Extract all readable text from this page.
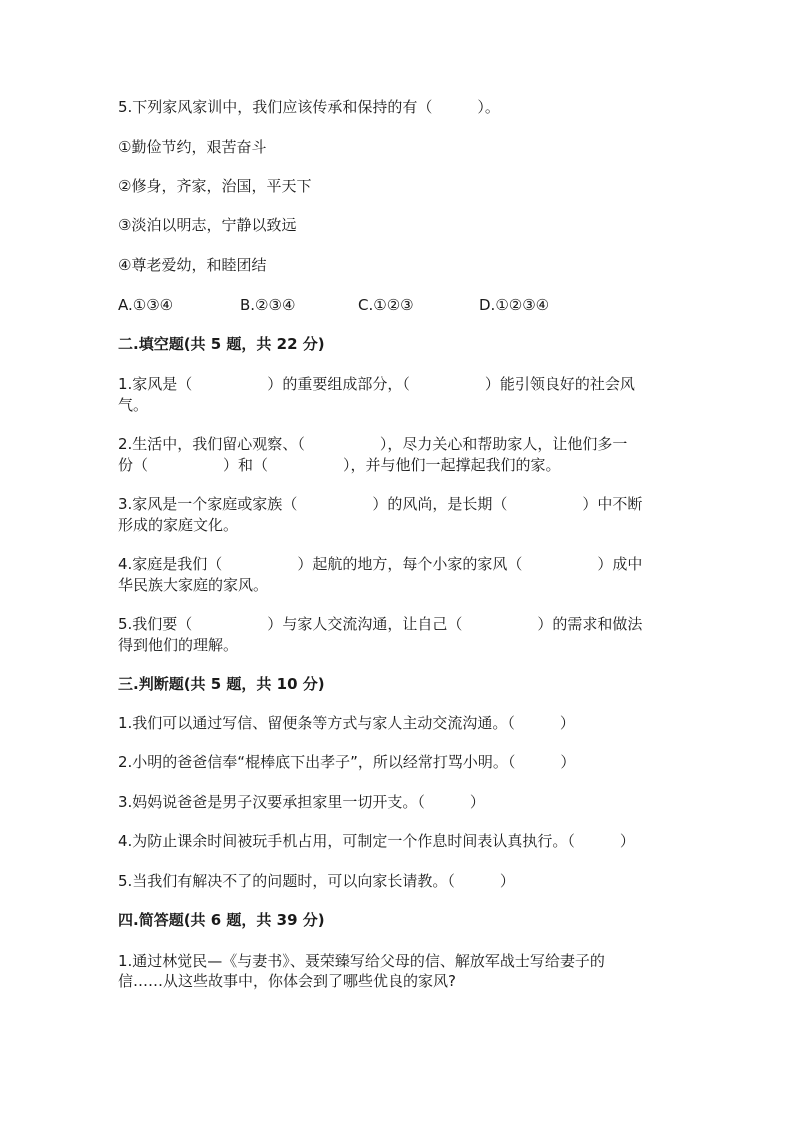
5.下列家风家训中，我们应该传承和保持的有（　　　）。
①勤俭节约，艰苦奋斗
②修身，齐家，治国，平天下
③淡泊以明志，宁静以致远
④尊老爱幼，和睦团结
A.①③④	B.②③④	C.①②③	D.①②③④
二.填空题(共 5 题，共 22 分)
1.家风是（　　　　　）的重要组成部分，（　　　　　）能引领良好的社会风
气。
2.生活中，我们留心观察、（　　　　　），尽力关心和帮助家人，让他们多一
份（　　　　　）和（　　　　　），并与他们一起撑起我们的家。
3.家风是一个家庭或家族（　　　　　）的风尚，是长期（　　　　　）中不断
形成的家庭文化。
4.家庭是我们（　　　　　）起航的地方，每个小家的家风（　　　　　）成中
华民族大家庭的家风。
5.我们要（　　　　　）与家人交流沟通，让自己（　　　　　）的需求和做法
得到他们的理解。
三.判断题(共 5 题，共 10 分)
1.我们可以通过写信、留便条等方式与家人主动交流沟通。（　　　）
2.小明的爸爸信奉“棍棒底下出孝子”，所以经常打骂小明。（　　　）
3.妈妈说爸爸是男子汉要承担家里一切开支。（　　　）
4.为防止课余时间被玩手机占用，可制定一个作息时间表认真执行。（　　　）
5.当我们有解决不了的问题时，可以向家长请教。（　　　）
四.简答题(共 6 题，共 39 分)
1.通过林觉民—《与妻书》、聂荣臻写给父母的信、解放军战士写给妻子的
信……从这些故事中，你体会到了哪些优良的家风?
